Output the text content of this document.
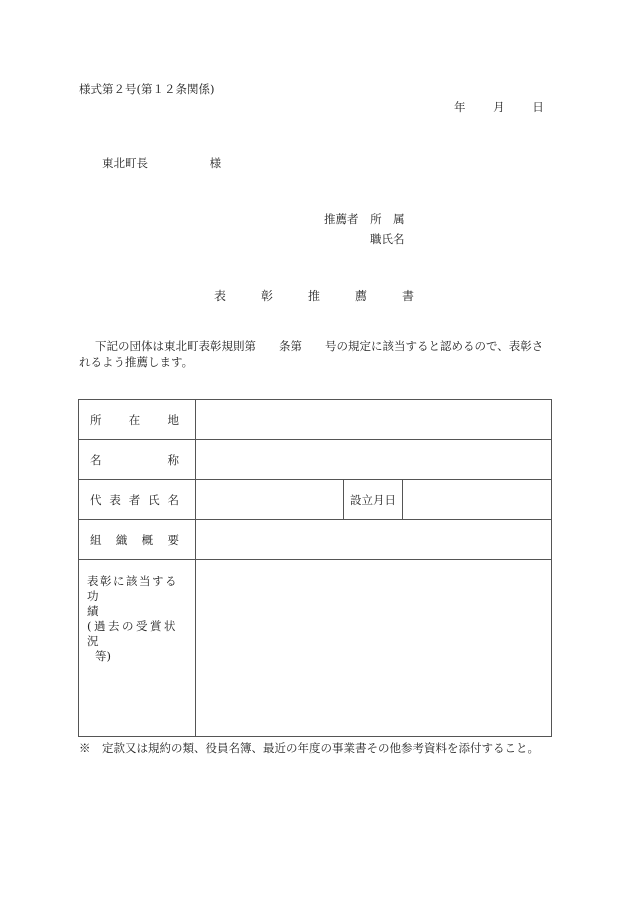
様式第２号(第１２条関係)
年 月 日
東北町長	様
推薦者 所　属
職氏名
表	彰	推	薦	書
下記の団体は東北町表彰規則第　　条第　　号の規定に該当すると認めるので、表彰さ
れるよう推薦します。
所 在 地			

名 称			

代 表 者 氏 名		設立月日	

組 織 概 要			

表彰に該当する功
績
(過去の受賞状況
等)			

※　定款又は規約の類、役員名簿、最近の年度の事業書その他参考資料を添付すること。
